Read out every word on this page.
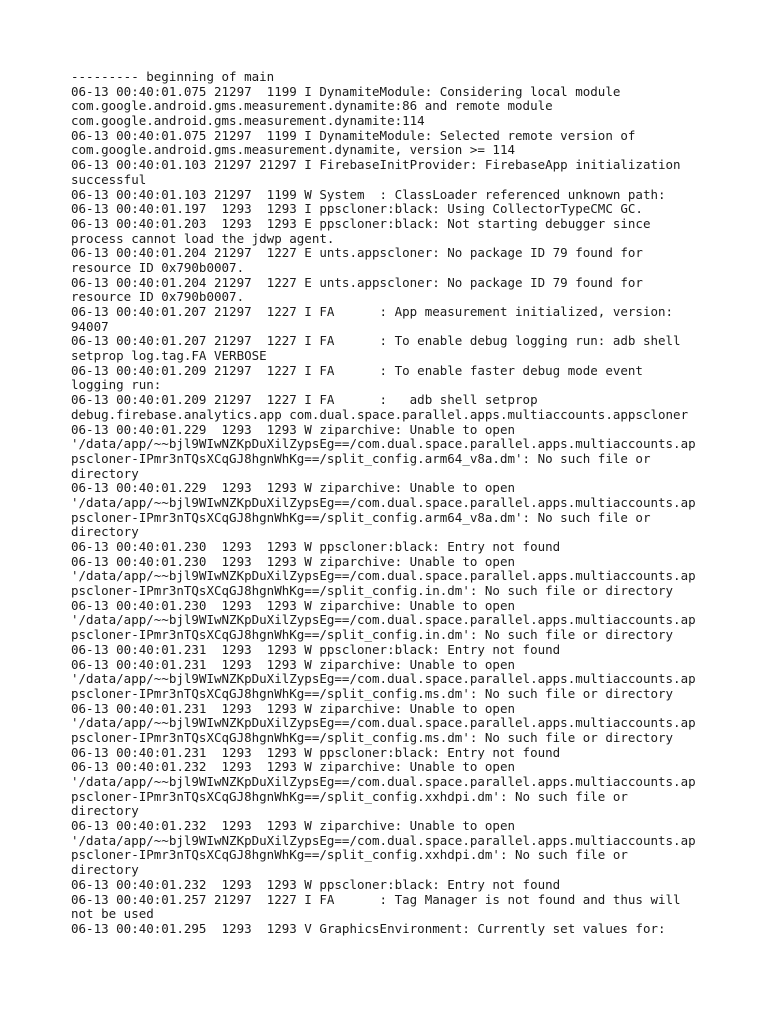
--------- beginning of main
06-13 00:40:01.075 21297  1199 I DynamiteModule: Considering local module
com.google.android.gms.measurement.dynamite:86 and remote module
com.google.android.gms.measurement.dynamite:114
06-13 00:40:01.075 21297  1199 I DynamiteModule: Selected remote version of
com.google.android.gms.measurement.dynamite, version >= 114
06-13 00:40:01.103 21297 21297 I FirebaseInitProvider: FirebaseApp initialization
successful
06-13 00:40:01.103 21297  1199 W System  : ClassLoader referenced unknown path:
06-13 00:40:01.197  1293  1293 I ppscloner:black: Using CollectorTypeCMC GC.
06-13 00:40:01.203  1293  1293 E ppscloner:black: Not starting debugger since
process cannot load the jdwp agent.
06-13 00:40:01.204 21297  1227 E unts.appscloner: No package ID 79 found for
resource ID 0x790b0007.
06-13 00:40:01.204 21297  1227 E unts.appscloner: No package ID 79 found for
resource ID 0x790b0007.
06-13 00:40:01.207 21297  1227 I FA      : App measurement initialized, version:
94007
06-13 00:40:01.207 21297  1227 I FA      : To enable debug logging run: adb shell
setprop log.tag.FA VERBOSE
06-13 00:40:01.209 21297  1227 I FA      : To enable faster debug mode event
logging run:
06-13 00:40:01.209 21297  1227 I FA      :   adb shell setprop
debug.firebase.analytics.app com.dual.space.parallel.apps.multiaccounts.appscloner
06-13 00:40:01.229  1293  1293 W ziparchive: Unable to open
'/data/app/~~bjl9WIwNZKpDuXilZypsEg==/com.dual.space.parallel.apps.multiaccounts.ap
pscloner-IPmr3nTQsXCqGJ8hgnWhKg==/split_config.arm64_v8a.dm': No such file or
directory
06-13 00:40:01.229  1293  1293 W ziparchive: Unable to open
'/data/app/~~bjl9WIwNZKpDuXilZypsEg==/com.dual.space.parallel.apps.multiaccounts.ap
pscloner-IPmr3nTQsXCqGJ8hgnWhKg==/split_config.arm64_v8a.dm': No such file or
directory
06-13 00:40:01.230  1293  1293 W ppscloner:black: Entry not found
06-13 00:40:01.230  1293  1293 W ziparchive: Unable to open
'/data/app/~~bjl9WIwNZKpDuXilZypsEg==/com.dual.space.parallel.apps.multiaccounts.ap
pscloner-IPmr3nTQsXCqGJ8hgnWhKg==/split_config.in.dm': No such file or directory
06-13 00:40:01.230  1293  1293 W ziparchive: Unable to open
'/data/app/~~bjl9WIwNZKpDuXilZypsEg==/com.dual.space.parallel.apps.multiaccounts.ap
pscloner-IPmr3nTQsXCqGJ8hgnWhKg==/split_config.in.dm': No such file or directory
06-13 00:40:01.231  1293  1293 W ppscloner:black: Entry not found
06-13 00:40:01.231  1293  1293 W ziparchive: Unable to open
'/data/app/~~bjl9WIwNZKpDuXilZypsEg==/com.dual.space.parallel.apps.multiaccounts.ap
pscloner-IPmr3nTQsXCqGJ8hgnWhKg==/split_config.ms.dm': No such file or directory
06-13 00:40:01.231  1293  1293 W ziparchive: Unable to open
'/data/app/~~bjl9WIwNZKpDuXilZypsEg==/com.dual.space.parallel.apps.multiaccounts.ap
pscloner-IPmr3nTQsXCqGJ8hgnWhKg==/split_config.ms.dm': No such file or directory
06-13 00:40:01.231  1293  1293 W ppscloner:black: Entry not found
06-13 00:40:01.232  1293  1293 W ziparchive: Unable to open
'/data/app/~~bjl9WIwNZKpDuXilZypsEg==/com.dual.space.parallel.apps.multiaccounts.ap
pscloner-IPmr3nTQsXCqGJ8hgnWhKg==/split_config.xxhdpi.dm': No such file or
directory
06-13 00:40:01.232  1293  1293 W ziparchive: Unable to open
'/data/app/~~bjl9WIwNZKpDuXilZypsEg==/com.dual.space.parallel.apps.multiaccounts.ap
pscloner-IPmr3nTQsXCqGJ8hgnWhKg==/split_config.xxhdpi.dm': No such file or
directory
06-13 00:40:01.232  1293  1293 W ppscloner:black: Entry not found
06-13 00:40:01.257 21297  1227 I FA      : Tag Manager is not found and thus will
not be used
06-13 00:40:01.295  1293  1293 V GraphicsEnvironment: Currently set values for:
